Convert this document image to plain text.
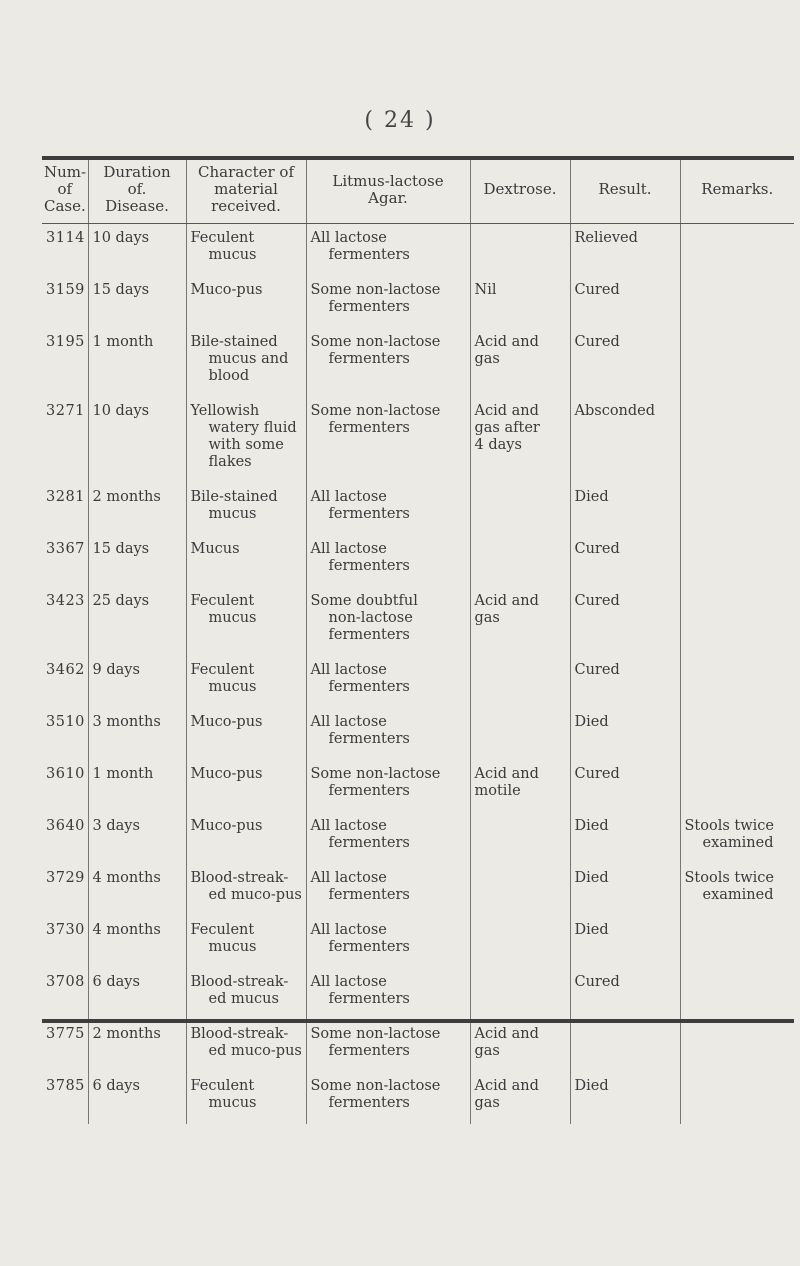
( 24 )
Num-
of
Case.	Duration
of.
Disease.	Character of
material
received.	Litmus-lactose
Agar.	Dextrose.	Result.	Remarks.

3114	10 days	Feculent
mucus	All lactose
fermenters		Relieved	
3159	15 days	Muco-pus	Some non-lactose
fermenters	Nil	Cured	
3195	1 month	Bile-stained
mucus and
blood	Some non-lactose
fermenters	Acid and
gas	Cured	
3271	10 days	Yellowish
watery fluid
with some
flakes	Some non-lactose
fermenters	Acid and
gas after
4 days	Absconded	
3281	2 months	Bile-stained
mucus	All lactose
fermenters		Died	
3367	15 days	Mucus	All lactose
fermenters		Cured	
3423	25 days	Feculent
mucus	Some doubtful
non-lactose
fermenters	Acid and
gas	Cured	
3462	9 days	Feculent
mucus	All lactose
fermenters		Cured	
3510	3 months	Muco-pus	All lactose
fermenters		Died	
3610	1 month	Muco-pus	Some non-lactose
fermenters	Acid and
motile	Cured	
3640	3 days	Muco-pus	All lactose
fermenters		Died	Stools twice
examined

3729	4 months	Blood-streak-
ed muco-pus	All lactose
fermenters		Died	Stools twice
examined

3730	4 months	Feculent
mucus	All lactose
fermenters		Died	
3708	6 days	Blood-streak-
ed mucus	All lactose
fermenters		Cured	
3775	2 months	Blood-streak-
ed muco-pus	Some non-lactose
fermenters	Acid and
gas		

3785	6 days	Feculent
mucus	Some non-lactose
fermenters	Acid and
gas	Died	
